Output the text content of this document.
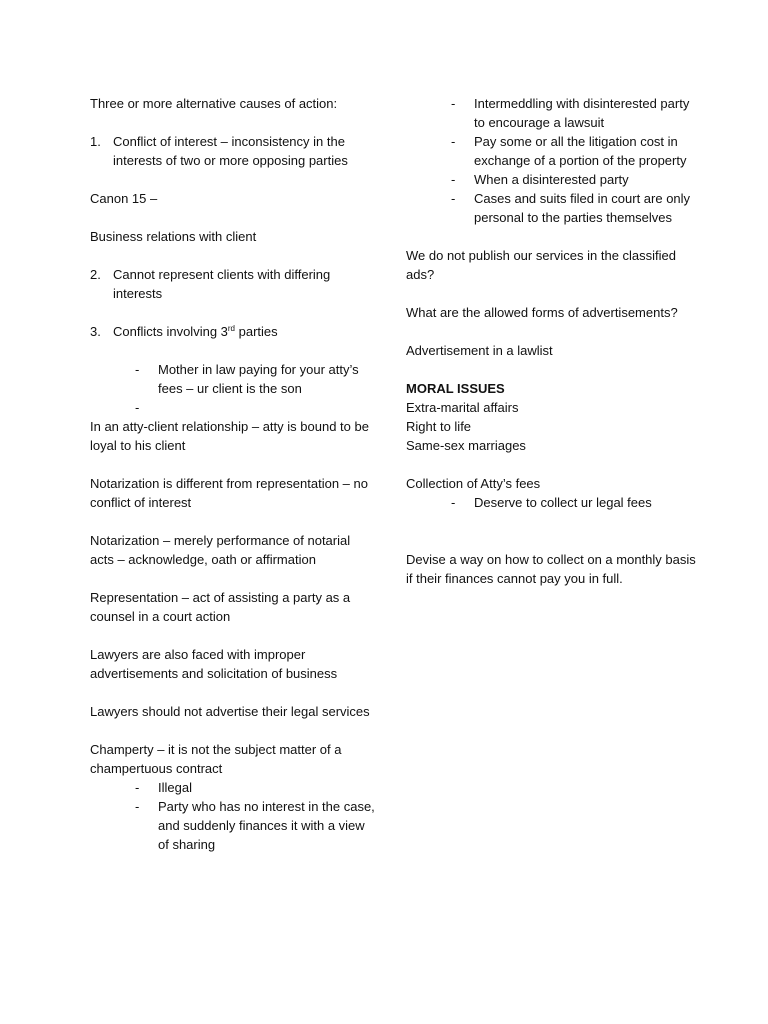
Three or more alternative causes of action:

1. Conflict of interest – inconsistency in the interests of two or more opposing parties

Canon 15 –

Business relations with client

2. Cannot represent clients with differing interests
3. Conflicts involving 3rd parties
- Mother in law paying for your atty’s fees – ur client is the son
-

In an atty-client relationship – atty is bound to be loyal to his client

Notarization is different from representation – no conflict of interest

Notarization – merely performance of notarial acts – acknowledge, oath or affirmation

Representation – act of assisting a party as a counsel in a court action

Lawyers are also faced with improper advertisements and solicitation of business

Lawyers should not advertise their legal services

Champerty – it is not the subject matter of a champertuous contract

- Illegal
- Party who has no interest in the case, and suddenly finances it with a view of sharing
- Intermeddling with disinterested party to encourage a lawsuit
- Pay some or all the litigation cost in exchange of a portion of the property
- When a disinterested party
- Cases and suits filed in court are only personal to the parties themselves

We do not publish our services in the classified ads?

What are the allowed forms of advertisements?

Advertisement in a lawlist

MORAL ISSUES

Extra-marital affairs

Right to life

Same-sex marriages

Collection of Atty’s fees

- Deserve to collect ur legal fees

Devise a way on how to collect on a monthly basis if their finances cannot pay you in full.
